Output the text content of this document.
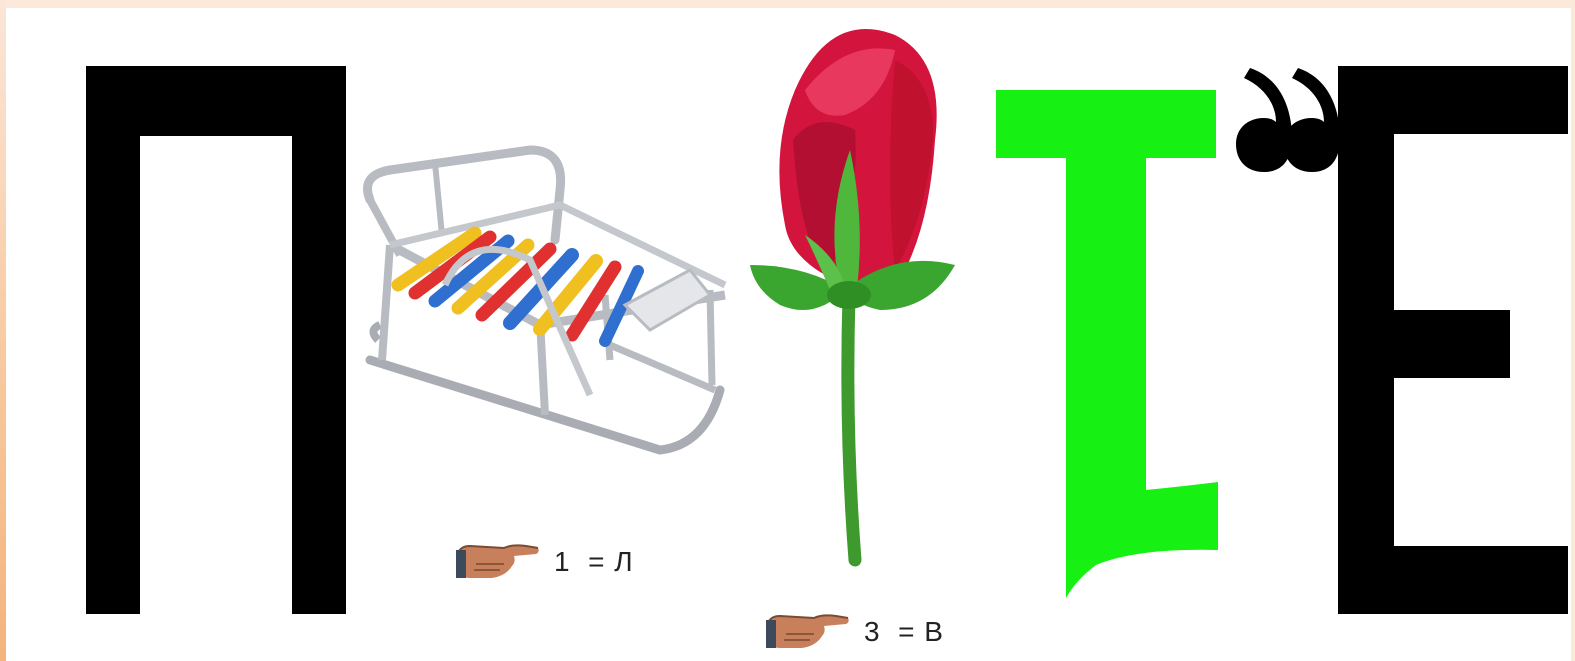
1  = Л
3  = В
